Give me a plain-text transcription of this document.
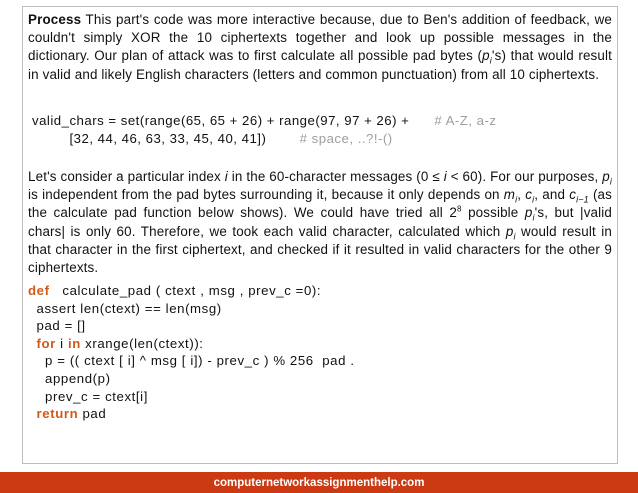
Process This part's code was more interactive because, due to Ben's addition of feedback, we couldn't simply XOR the 10 ciphertexts together and look up possible messages in the dictionary. Our plan of attack was to first calculate all possible pad bytes $(p_i's)$ that would result in valid and likely English characters (letters and common punctuation) from all 10 ciphertexts.
valid_chars = set(range(65, 65 + 26) + range(97, 97 + 26) + # A-Z, a-z
[32, 44, 46, 63, 33, 45, 40, 41])	# space, ..?!-()
Let's consider a particular index i in the 60-character messages (0 ≤ i < 60). For our purposes, $p_i$ is independent from the pad bytes surrounding it, because it only depends on $m_i$, $c_i$, and $c_{i-1}$ (as the calculate pad function below shows). We could have tried all $2^8$ possible $p_i's$, but |valid chars| is only 60. Therefore, we took each valid character, calculated which $p_i$ would result in that character in the first ciphertext, and checked if it resulted in valid characters for the other 9 ciphertexts.
def   calculate_pad ( ctext , msg , prev_c =0):
assert len(ctext) == len(msg)
pad = []
for i in xrange(len(ctext)):
p = (( ctext [ i] ^ msg [ i]) - prev_c ) % 256  pad .
append(p)
prev_c = ctext[i]
return pad
computernetworkassignmenthelp.com
